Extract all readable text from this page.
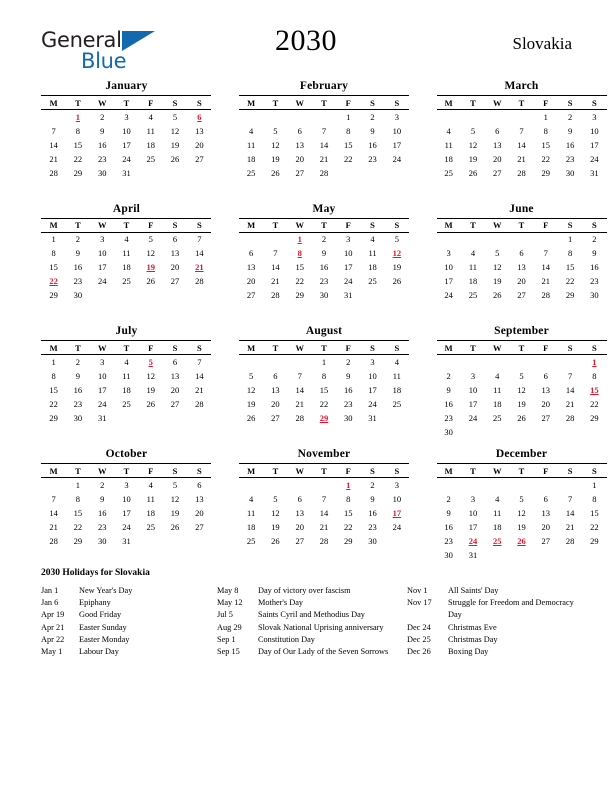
General
Blue
2030	Slovakia
January
M	T	W	T	F	S	S
	1	2	3	4	5	6
7	8	9	10	11	12	13
14	15	16	17	18	19	20
21	22	23	24	25	26	27
28	29	30	31			
February
M	T	W	T	F	S	S
				1	2	3
4	5	6	7	8	9	10
11	12	13	14	15	16	17
18	19	20	21	22	23	24
25	26	27	28			
March
M	T	W	T	F	S	S
				1	2	3
4	5	6	7	8	9	10
11	12	13	14	15	16	17
18	19	20	21	22	23	24
25	26	27	28	29	30	31
April
M	T	W	T	F	S	S
1	2	3	4	5	6	7
8	9	10	11	12	13	14
15	16	17	18	19	20	21
22	23	24	25	26	27	28
29	30					
May
M	T	W	T	F	S	S
		1	2	3	4	5
6	7	8	9	10	11	12
13	14	15	16	17	18	19
20	21	22	23	24	25	26
27	28	29	30	31		
June
M	T	W	T	F	S	S
					1	2
3	4	5	6	7	8	9
10	11	12	13	14	15	16
17	18	19	20	21	22	23
24	25	26	27	28	29	30
July
M	T	W	T	F	S	S
1	2	3	4	5	6	7
8	9	10	11	12	13	14
15	16	17	18	19	20	21
22	23	24	25	26	27	28
29	30	31				
August
M	T	W	T	F	S	S
			1	2	3	4
5	6	7	8	9	10	11
12	13	14	15	16	17	18
19	20	21	22	23	24	25
26	27	28	29	30	31	
September
M	T	W	T	F	S	S
						1
2	3	4	5	6	7	8
9	10	11	12	13	14	15
16	17	18	19	20	21	22
23	24	25	26	27	28	29
30						
October
M	T	W	T	F	S	S
	1	2	3	4	5	6
7	8	9	10	11	12	13
14	15	16	17	18	19	20
21	22	23	24	25	26	27
28	29	30	31			
November
M	T	W	T	F	S	S
				1	2	3
4	5	6	7	8	9	10
11	12	13	14	15	16	17
18	19	20	21	22	23	24
25	26	27	28	29	30	
December
M	T	W	T	F	S	S
						1
2	3	4	5	6	7	8
9	10	11	12	13	14	15
16	17	18	19	20	21	22
23	24	25	26	27	28	29
30	31					
2030 Holidays for Slovakia
Jan 1	New Year's Day
Jan 6	Epiphany
Apr 19	Good Friday
Apr 21	Easter Sunday
Apr 22	Easter Monday
May 1	Labour Day
May 8	Day of victory over fascism
May 12	Mother's Day
Jul 5	Saints Cyril and Methodius Day
Aug 29	Slovak National Uprising anniversary
Sep 1	Constitution Day
Sep 15	Day of Our Lady of the Seven Sorrows
Nov 1	All Saints' Day
Nov 17	Struggle for Freedom and Democracy Day
Dec 24	Christmas Eve
Dec 25	Christmas Day
Dec 26	Boxing Day
